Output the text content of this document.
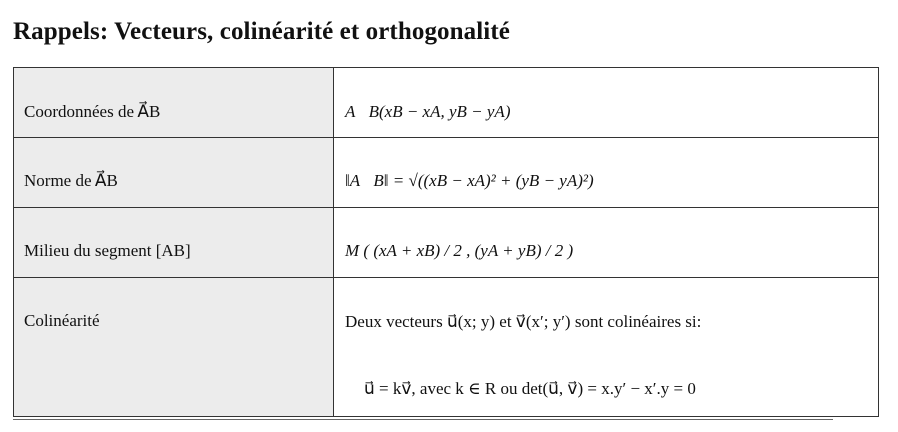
Rappels: Vecteurs, colinéarité et orthogonalité
Coordonnées de A⃗B	A⃗B(xB − xA, yB − yA)
Norme de A⃗B	‖A⃗B‖ = √((xB − xA)² + (yB − yA)²)
Milieu du segment [AB]	M ( (xA + xB) / 2 , (yA + yB) / 2 )
Colinéarité	Deux vecteurs u⃗(x; y) et v⃗(x′; y′) sont colinéaires si:
u⃗ = kv⃗, avec k ∈ R ou det(u⃗, v⃗) = x.y′ − x′.y = 0
